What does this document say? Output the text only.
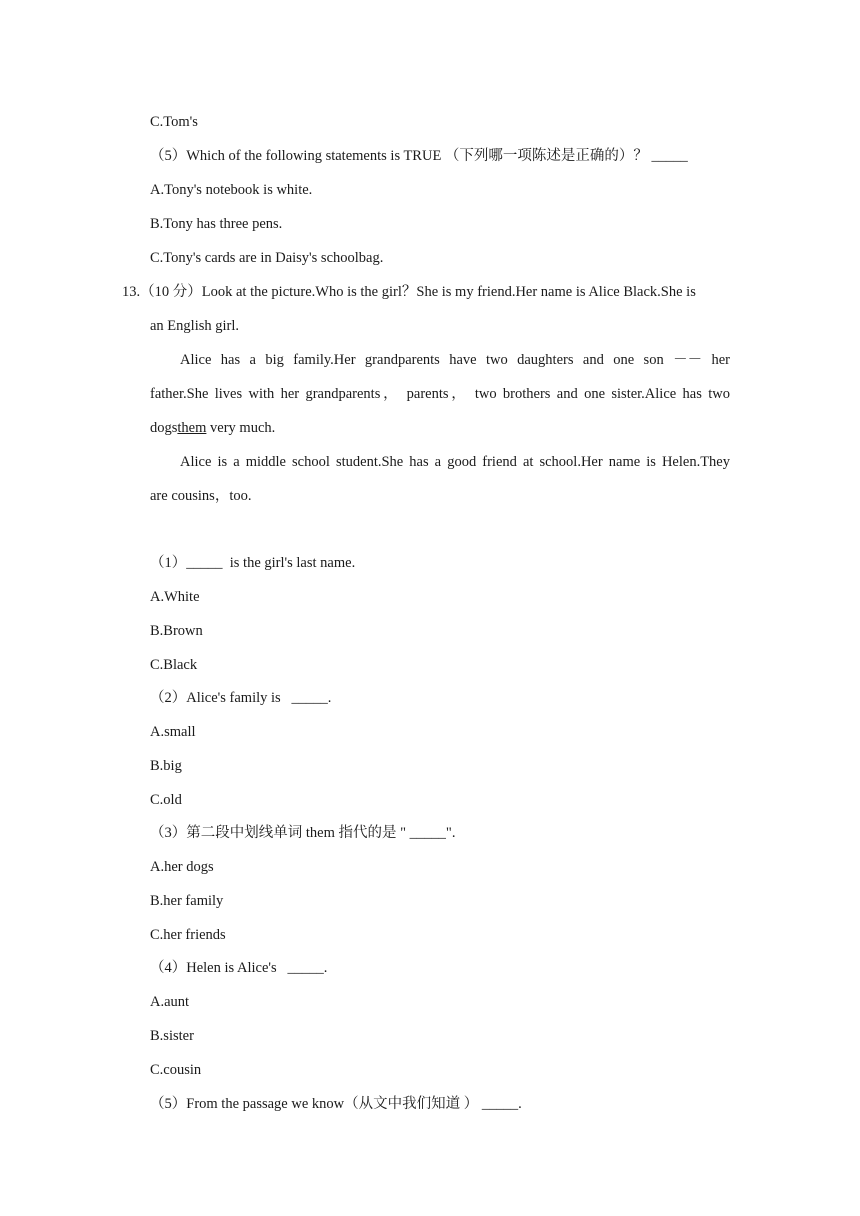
C.Tom's
（5）Which of the following statements is TRUE （下列哪一项陈述是正确的）？ _____
A.Tony's notebook is white.
B.Tony has three pens.
C.Tony's cards are in Daisy's schoolbag.
13.（10 分）Look at the picture.Who is the girl？She is my friend.Her name is Alice Black.She is
an English girl.
Alice has a big family.Her grandparents have two daughters and one son －－ her
father.She lives with her grandparents， parents， two brothers and one sister.Alice has two
dogsthem very much.
Alice is a middle school student.She has a good friend at school.Her name is Helen.They
are cousins，too.
（1）_____  is the girl's last name.
A.White
B.Brown
C.Black
（2）Alice's family is   _____.
A.small
B.big
C.old
（3）第二段中划线单词 them 指代的是 " _____".
A.her dogs
B.her family
C.her friends
（4）Helen is Alice's   _____.
A.aunt
B.sister
C.cousin
（5）From the passage we know（从文中我们知道 ） _____.
